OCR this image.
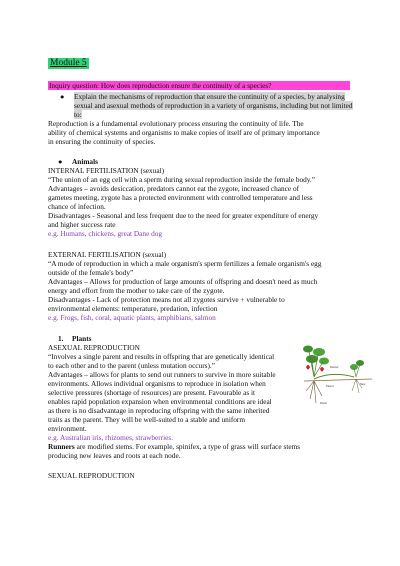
Module 5
Inquiry question: How does reproduction ensure the continuity of a species?
● Explain the mechanisms of reproduction that ensure the continuity of a species, by analysing sexual and asexual methods of reproduction in a variety of organisms, including but not limited to:
Reproduction is a fundamental evolutionary process ensuring the continuity of life. The
ability of chemical systems and organisms to make copies of itself are of primary importance
in ensuring the continuity of species.
● Animals
INTERNAL FERTILISATION (sexual)
“The union of an egg cell with a sperm during sexual reproduction inside the female body.”
Advantages – avoids desiccation, predators cannot eat the zygote, increased chance of
gametes meeting, zygote has a protected environment with controlled temperature and less
chance of infection.
Disadvantages - Seasonal and less frequent due to the need for greater expenditure of energy
and higher success rate
e.g. Humans, chickens, great Dane dog
EXTERNAL FERTILISATION (sexual)
“A mode of reproduction in which a male organism's sperm fertilizes a female organism's egg
outside of the female's body”
Advantages – Allows for production of large amounts of offspring and doesn't need as much
energy and effort from the mother to take care of the zygote.
Disadvantages - Lack of protection means not all zygotes survive + vulnerable to
environmental elements: temperature, predation, infection
e.g. Frogs, fish, coral, aquatic plants, amphibians, salmon
1. Plants
ASEXUAL REPRODUCTION
“Involves a single parent and results in offspring that are genetically identical
to each other and to the parent (unless mutation occurs).”
Advantages – allows for plants to send out runners to survive in more suitable
environments. Allows individual organisms to reproduce in isolation when
selective pressures (shortage of resources) are present. Favourable as it
enables rapid population expansion when environmental conditions are ideal
as there is no disadvantage in reproducing offspring with the same inherited
traits as the parent. They will be well-suited to a stable and uniform
environment.
e.g. Australian iris, rhizomes, strawberries.
Runners are modified stems. For example, spinifex, a type of grass will surface stems
producing new leaves and roots at each node.
SEXUAL REPRODUCTION
Runner
Parent
New
Roots
